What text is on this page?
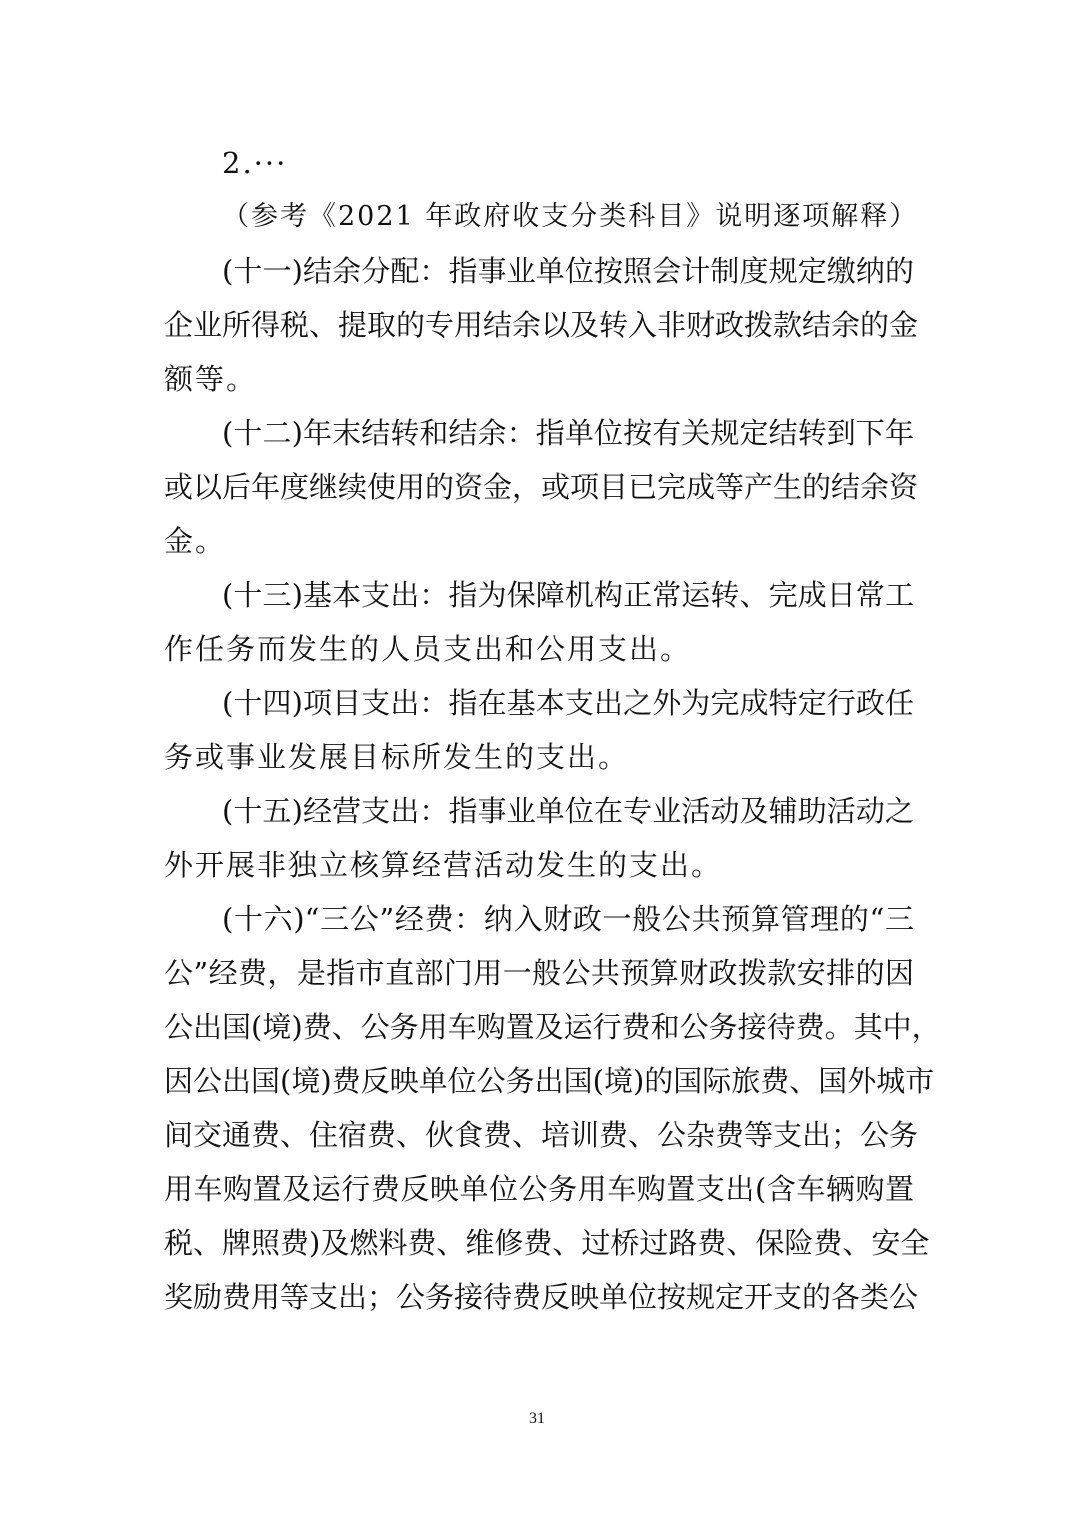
2.···
（参考《2021 年政府收支分类科目》说明逐项解释）
(十一)结余分配：指事业单位按照会计制度规定缴纳的
企业所得税、提取的专用结余以及转入非财政拨款结余的金
额等。
(十二)年末结转和结余：指单位按有关规定结转到下年
或以后年度继续使用的资金，或项目已完成等产生的结余资
金。
(十三)基本支出：指为保障机构正常运转、完成日常工
作任务而发生的人员支出和公用支出。
(十四)项目支出：指在基本支出之外为完成特定行政任
务或事业发展目标所发生的支出。
(十五)经营支出：指事业单位在专业活动及辅助活动之
外开展非独立核算经营活动发生的支出。
(十六)“三公”经费：纳入财政一般公共预算管理的“三
公”经费，是指市直部门用一般公共预算财政拨款安排的因
公出国(境)费、公务用车购置及运行费和公务接待费。其中，
因公出国(境)费反映单位公务出国(境)的国际旅费、国外城市
间交通费、住宿费、伙食费、培训费、公杂费等支出；公务
用车购置及运行费反映单位公务用车购置支出(含车辆购置
税、牌照费)及燃料费、维修费、过桥过路费、保险费、安全
奖励费用等支出；公务接待费反映单位按规定开支的各类公
31
